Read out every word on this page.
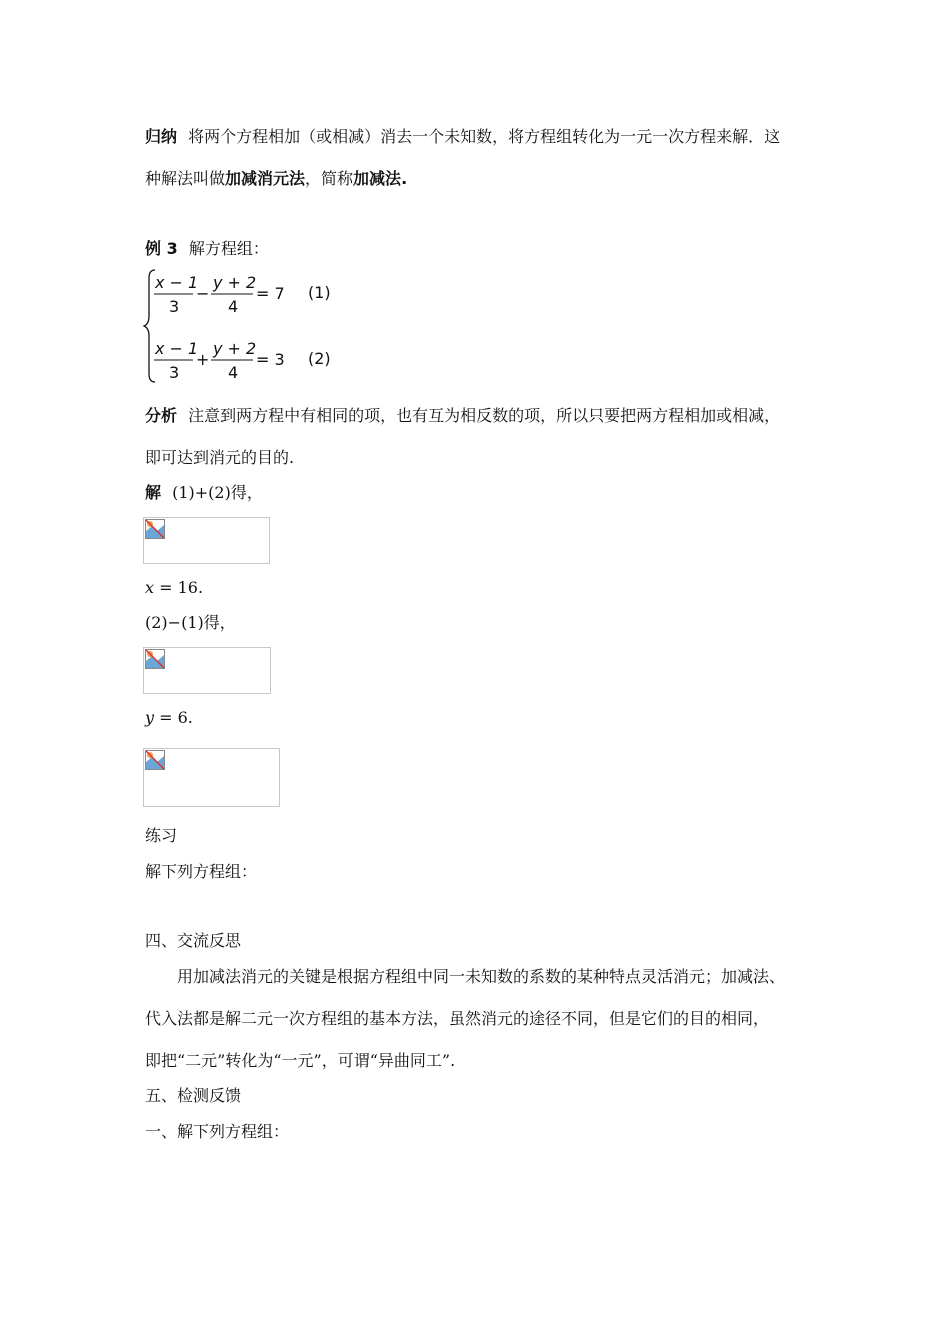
归纳 将两个方程相加（或相减）消去一个未知数，将方程组转化为一元一次方程来解．这
种解法叫做加减消元法，简称加减法.
例 3 解方程组：
x − 1
3
−
y + 2
4
= 7 (1)
x − 1
3
+
y + 2
4
= 3 (2)
分析 注意到两方程中有相同的项，也有互为相反数的项，所以只要把两方程相加或相减，
即可达到消元的目的.
解 (1)+(2)得，
x = 16.
(2)−(1)得，
y = 6.
练习
解下列方程组：
四、交流反思
用加减法消元的关键是根据方程组中同一未知数的系数的某种特点灵活消元；加减法、
代入法都是解二元一次方程组的基本方法，虽然消元的途径不同，但是它们的目的相同，
即把“二元”转化为“一元”，可谓“异曲同工”.
五、检测反馈
一、解下列方程组：
